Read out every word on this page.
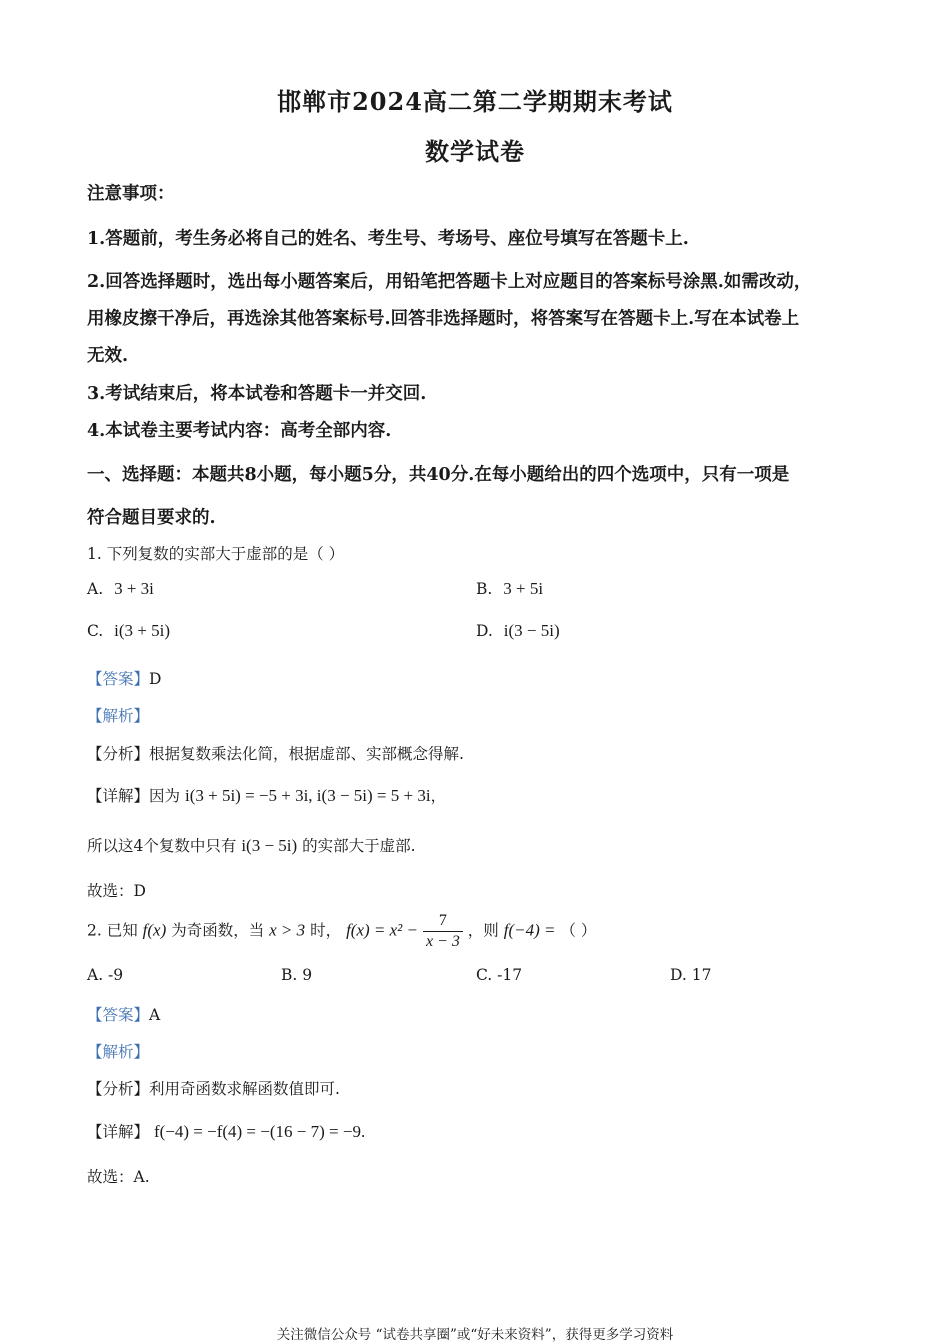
邯郸市2024高二第二学期期末考试
数学试卷
注意事项：
1.答题前，考生务必将自己的姓名、考生号、考场号、座位号填写在答题卡上.
2.回答选择题时，选出每小题答案后，用铅笔把答题卡上对应题目的答案标号涂黑.如需改动，
用橡皮擦干净后，再选涂其他答案标号.回答非选择题时，将答案写在答题卡上.写在本试卷上
无效.
3.考试结束后，将本试卷和答题卡一并交回.
4.本试卷主要考试内容：高考全部内容.
一、选择题：本题共8小题，每小题5分，共40分.在每小题给出的四个选项中，只有一项是
符合题目要求的.
1. 下列复数的实部大于虚部的是（ ）
A. 3 + 3i	B. 3 + 5i
C. i(3 + 5i)	D. i(3 − 5i)
【答案】D
【解析】
【分析】根据复数乘法化简，根据虚部、实部概念得解.
【详解】因为 i(3 + 5i) = −5 + 3i, i(3 − 5i) = 5 + 3i，
所以这4个复数中只有 i(3 − 5i) 的实部大于虚部.
故选：D
2. 已知 f(x) 为奇函数，当 x > 3 时， $f(x) = x^2 - \frac{7}{x - 3}$ ，则 f(−4) = （ ）
A. -9	B. 9	C. -17	D. 17
【答案】A
【解析】
【分析】利用奇函数求解函数值即可.
【详解】 f(−4) = −f(4) = −(16 − 7) = −9.
故选：A.
关注微信公众号 “试卷共享圈”或“好未来资料”，获得更多学习资料
